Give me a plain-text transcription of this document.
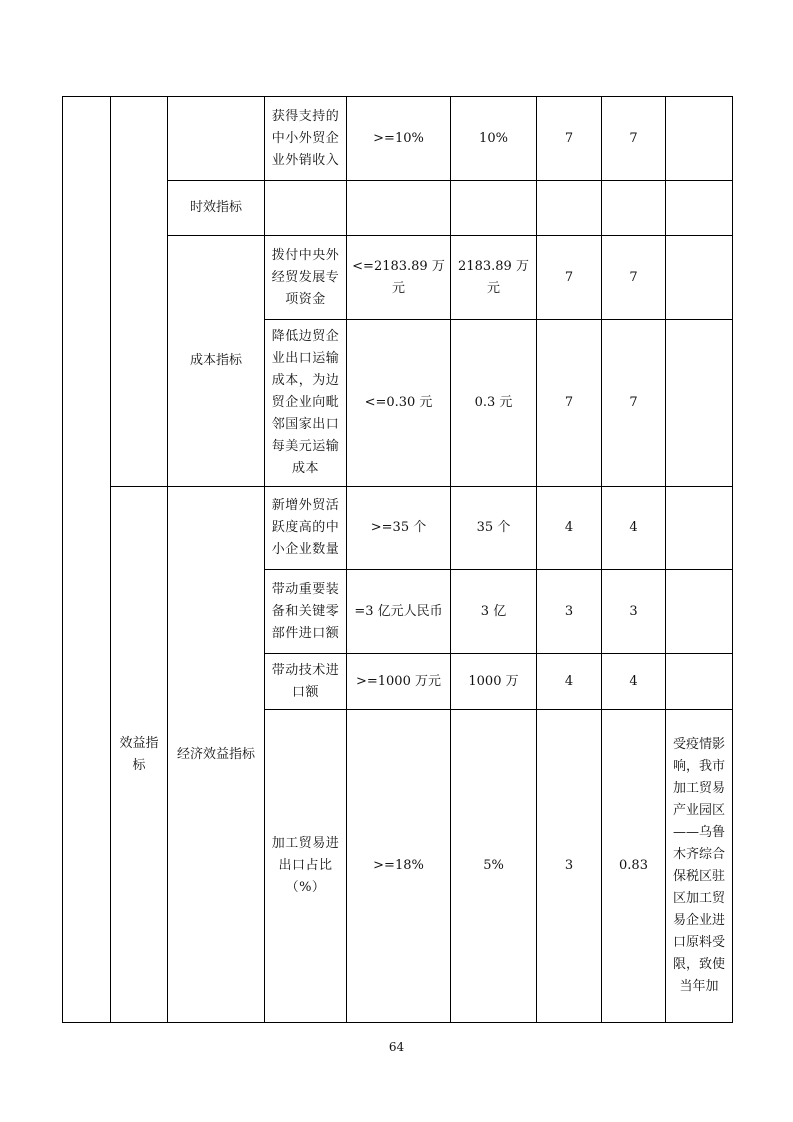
			获得支持的中小外贸企业外销收入	>=10%	10%	7	7	
		时效指标						
		成本指标	拨付中央外经贸发展专项资金	<=2183.89 万元	2183.89 万元	7	7	
			降低边贸企业出口运输成本，为边贸企业向毗邻国家出口每美元运输成本	<=0.30 元	0.3 元	7	7	
	效益指标	经济效益指标	新增外贸活跃度高的中小企业数量	>=35 个	35 个	4	4	
			带动重要装备和关键零部件进口额	=3 亿元人民币	3 亿	3	3	
			带动技术进口额	>=1000 万元	1000 万	4	4	
			加工贸易进出口占比（%）	>=18%	5%	3	0.83	受疫情影响，我市加工贸易产业园区——乌鲁木齐综合保税区驻区加工贸易企业进口原料受限，致使当年加
64
